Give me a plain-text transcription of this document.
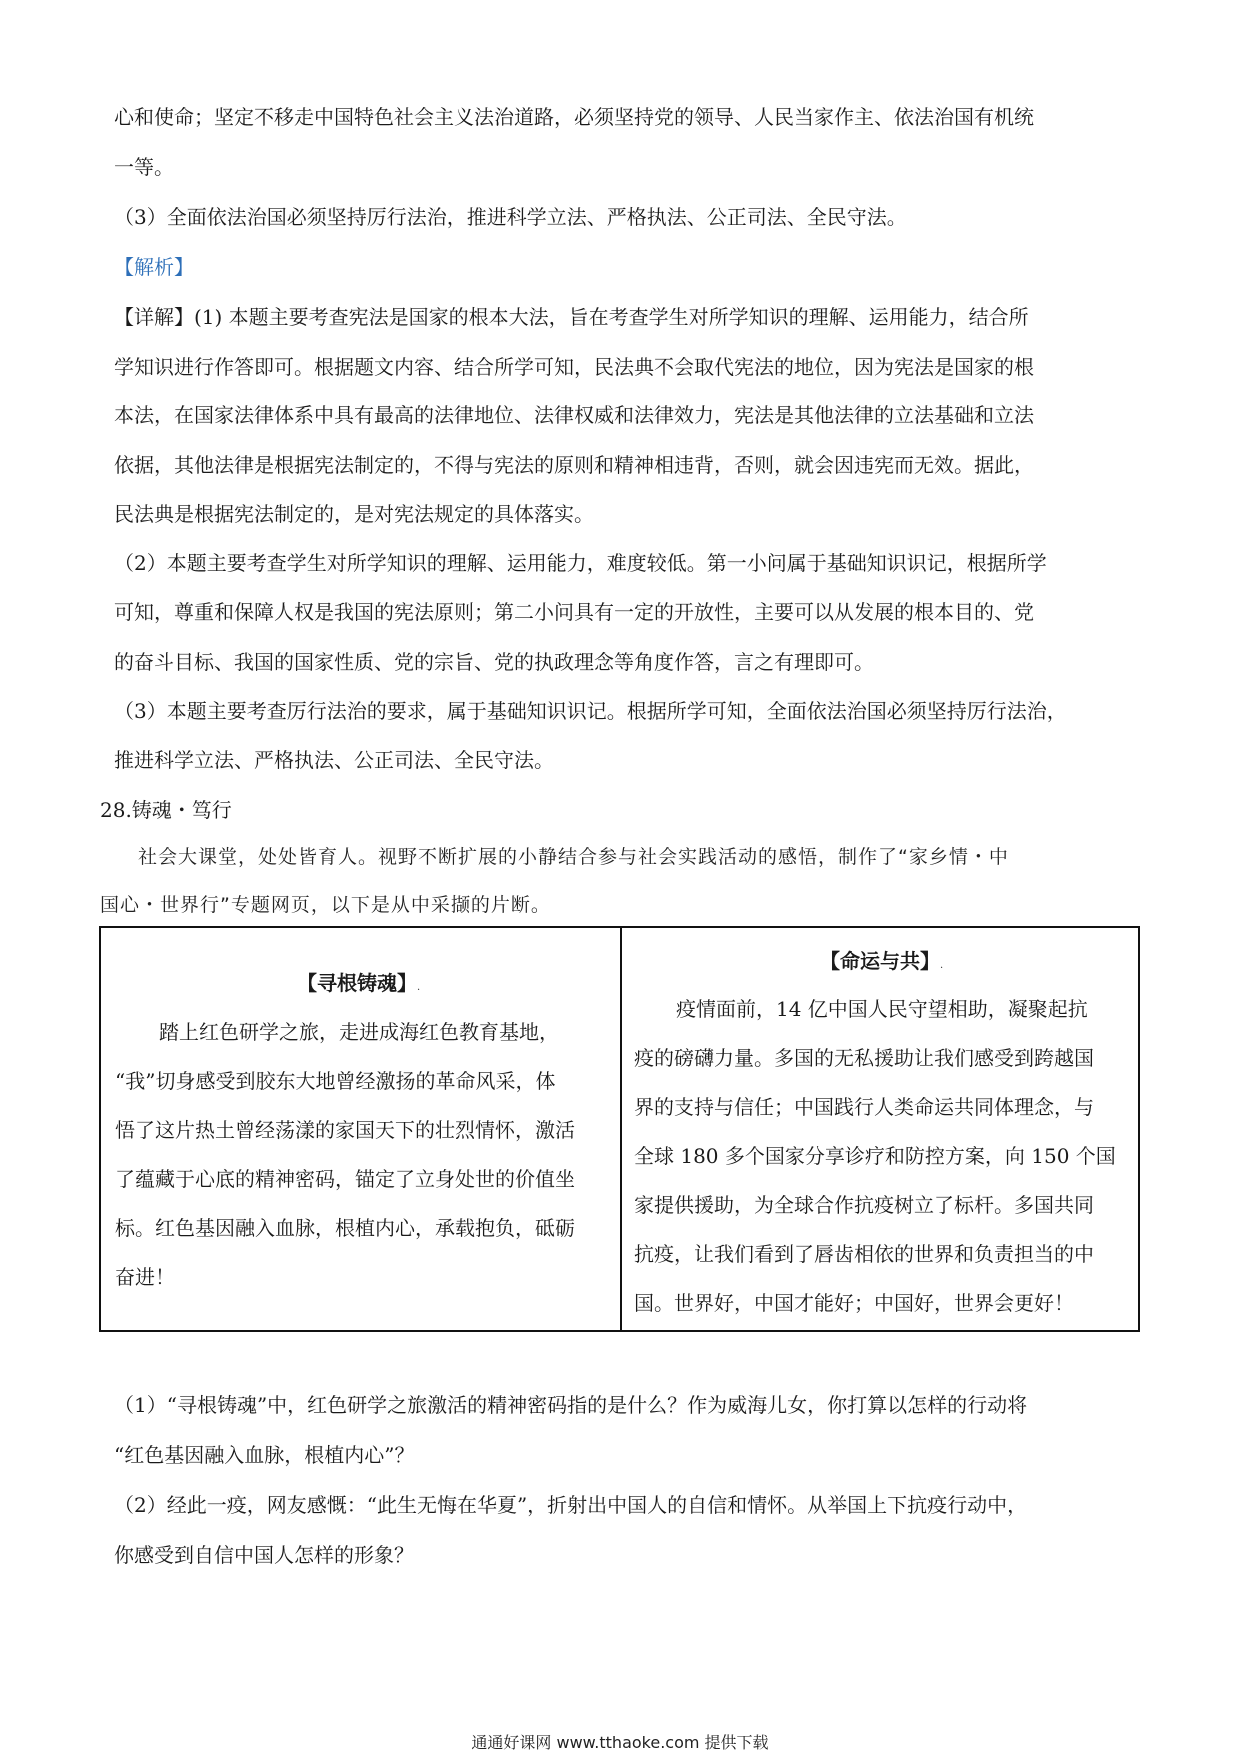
心和使命；坚定不移走中国特色社会主义法治道路，必须坚持党的领导、人民当家作主、依法治国有机统
一等。
（3）全面依法治国必须坚持厉行法治，推进科学立法、严格执法、公正司法、全民守法。
【解析】
【详解】(1) 本题主要考查宪法是国家的根本大法，旨在考查学生对所学知识的理解、运用能力，结合所
学知识进行作答即可。根据题文内容、结合所学可知，民法典不会取代宪法的地位，因为宪法是国家的根
本法，在国家法律体系中具有最高的法律地位、法律权威和法律效力，宪法是其他法律的立法基础和立法
依据，其他法律是根据宪法制定的，不得与宪法的原则和精神相违背，否则，就会因违宪而无效。据此，
民法典是根据宪法制定的，是对宪法规定的具体落实。
（2）本题主要考查学生对所学知识的理解、运用能力，难度较低。第一小问属于基础知识识记，根据所学
可知，尊重和保障人权是我国的宪法原则；第二小问具有一定的开放性，主要可以从发展的根本目的、党
的奋斗目标、我国的国家性质、党的宗旨、党的执政理念等角度作答，言之有理即可。
（3）本题主要考查厉行法治的要求，属于基础知识识记。根据所学可知，全面依法治国必须坚持厉行法治，
推进科学立法、严格执法、公正司法、全民守法。
28.铸魂・笃行
社会大课堂，处处皆育人。视野不断扩展的小静结合参与社会实践活动的感悟，制作了“家乡情・中
国心・世界行”专题网页，以下是从中采撷的片断。
【寻根铸魂】.
踏上红色研学之旅，走进成海红色教育基地，
“我”切身感受到胶东大地曾经激扬的革命风采，体
悟了这片热土曾经荡漾的家国天下的壮烈情怀，激活
了蕴藏于心底的精神密码，锚定了立身处世的价值坐
标。红色基因融入血脉，根植内心，承载抱负，砥砺
奋进！
【命运与共】.
疫情面前，14 亿中国人民守望相助，凝聚起抗
疫的磅礴力量。多国的无私援助让我们感受到跨越国
界的支持与信任；中国践行人类命运共同体理念，与
全球 180 多个国家分享诊疗和防控方案，向 150 个国
家提供援助，为全球合作抗疫树立了标杆。多国共同
抗疫，让我们看到了唇齿相依的世界和负责担当的中
国。世界好，中国才能好；中国好，世界会更好！
（1）“寻根铸魂”中，红色研学之旅激活的精神密码指的是什么？作为威海儿女，你打算以怎样的行动将
“红色基因融入血脉，根植内心”？
（2）经此一疫，网友感慨：“此生无悔在华夏”，折射出中国人的自信和情怀。从举国上下抗疫行动中，
你感受到自信中国人怎样的形象？
通通好课网 www.tthaoke.com 提供下载
